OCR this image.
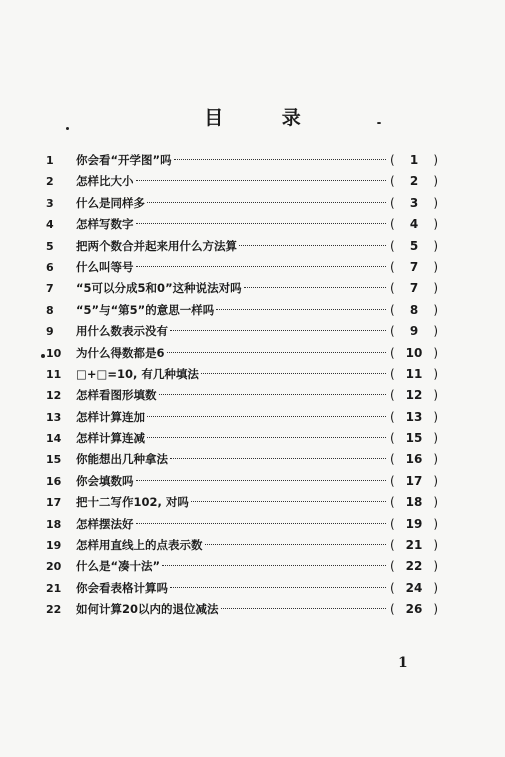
目 录
1	你会看“开学图”吗	(	1	)
2	怎样比大小	(	2	)
3	什么是同样多	(	3	)
4	怎样写数字	(	4	)
5	把两个数合并起来用什么方法算	(	5	)
6	什么叫等号	(	7	)
7	“5可以分成5和0”这种说法对吗	(	7	)
8	“5”与“第5”的意思一样吗	(	8	)
9	用什么数表示没有	(	9	)
10	为什么得数都是6	( 10 )
11	□+□=10, 有几种填法	( 11 )
12	怎样看图形填数	( 12 )
13	怎样计算连加	( 13 )
14	怎样计算连减	( 15 )
15	你能想出几种拿法	( 16 )
16	你会填数吗	( 17 )
17	把十二写作102, 对吗	( 18 )
18	怎样摆法好	( 19 )
19	怎样用直线上的点表示数	( 21 )
20	什么是“凑十法”	( 22 )
21	你会看表格计算吗	( 24 )
22	如何计算20以内的退位减法	( 26 )
1
